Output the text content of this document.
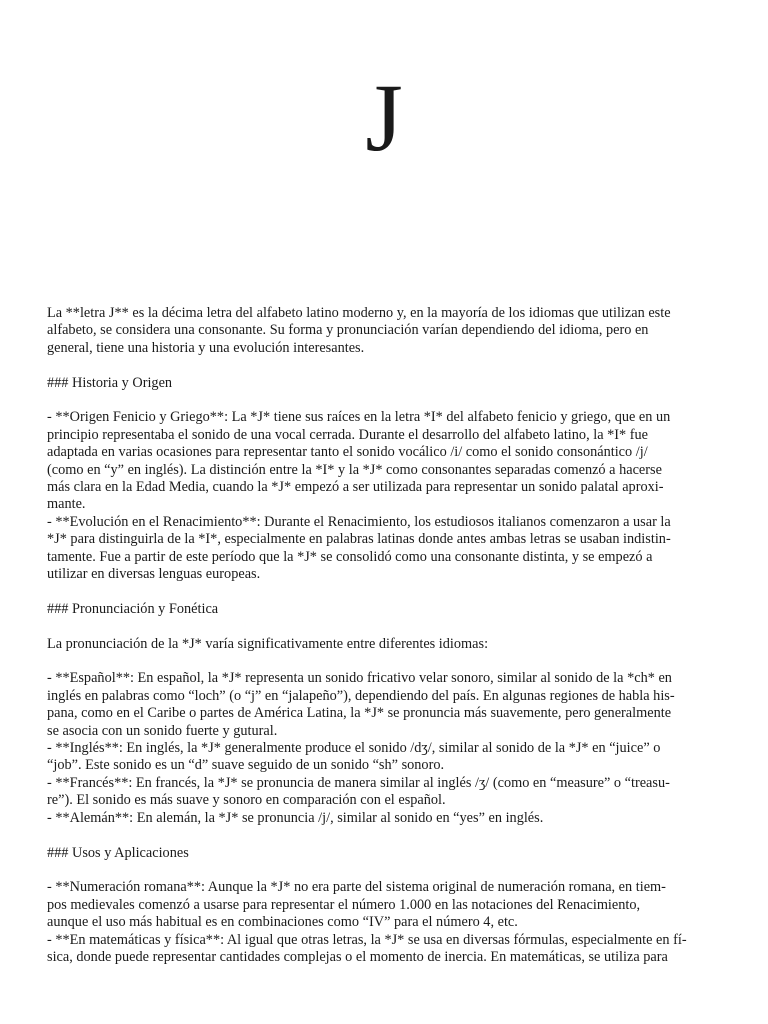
J

La **letra J** es la décima letra del alfabeto latino moderno y, en la mayoría de los idiomas que utilizan este

alfabeto, se considera una consonante. Su forma y pronunciación varían dependiendo del idioma, pero en

general, tiene una historia y una evolución interesantes.

### Historia y Origen

- **Origen Fenicio y Griego**: La *J* tiene sus raíces en la letra *I* del alfabeto fenicio y griego, que en un

principio representaba el sonido de una vocal cerrada. Durante el desarrollo del alfabeto latino, la *I* fue

adaptada en varias ocasiones para representar tanto el sonido vocálico /i/ como el sonido consonántico /j/

(como en “y” en inglés). La distinción entre la *I* y la *J* como consonantes separadas comenzó a hacerse

más clara en la Edad Media, cuando la *J* empezó a ser utilizada para representar un sonido palatal aproxi-

mante.

- **Evolución en el Renacimiento**: Durante el Renacimiento, los estudiosos italianos comenzaron a usar la

*J* para distinguirla de la *I*, especialmente en palabras latinas donde antes ambas letras se usaban indistin-

tamente. Fue a partir de este período que la *J* se consolidó como una consonante distinta, y se empezó a

utilizar en diversas lenguas europeas.

### Pronunciación y Fonética

La pronunciación de la *J* varía significativamente entre diferentes idiomas:

- **Español**: En español, la *J* representa un sonido fricativo velar sonoro, similar al sonido de la *ch* en

inglés en palabras como “loch” (o “j” en “jalapeño”), dependiendo del país. En algunas regiones de habla his-

pana, como en el Caribe o partes de América Latina, la *J* se pronuncia más suavemente, pero generalmente

se asocia con un sonido fuerte y gutural.

- **Inglés**: En inglés, la *J* generalmente produce el sonido /dʒ/, similar al sonido de la *J* en “juice” o

“job”. Este sonido es un “d” suave seguido de un sonido “sh” sonoro.

- **Francés**: En francés, la *J* se pronuncia de manera similar al inglés /ʒ/ (como en “measure” o “treasu-

re”). El sonido es más suave y sonoro en comparación con el español.

- **Alemán**: En alemán, la *J* se pronuncia /j/, similar al sonido en “yes” en inglés.

### Usos y Aplicaciones

- **Numeración romana**: Aunque la *J* no era parte del sistema original de numeración romana, en tiem-

pos medievales comenzó a usarse para representar el número 1.000 en las notaciones del Renacimiento,

aunque el uso más habitual es en combinaciones como “IV” para el número 4, etc.

- **En matemáticas y física**: Al igual que otras letras, la *J* se usa en diversas fórmulas, especialmente en fí-

sica, donde puede representar cantidades complejas o el momento de inercia. En matemáticas, se utiliza para
